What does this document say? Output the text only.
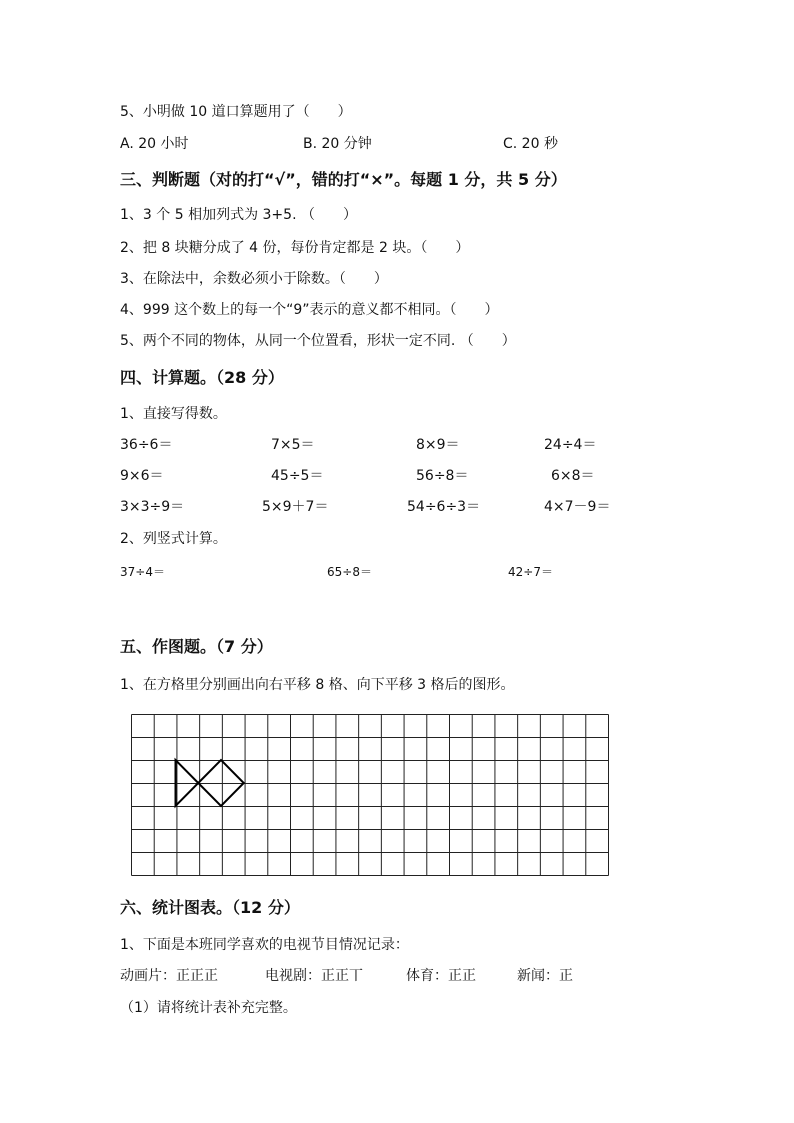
5、小明做 10 道口算题用了（　　）
A. 20 小时	B. 20 分钟	C. 20 秒
三、判断题（对的打“√”，错的打“×”。每题 1 分，共 5 分）
1、3 个 5 相加列式为 3+5. （　　）
2、把 8 块糖分成了 4 份，每份肯定都是 2 块。（　　）
3、在除法中，余数必须小于除数。（　　）
4、999 这个数上的每一个“9”表示的意义都不相同。（　　）
5、两个不同的物体，从同一个位置看，形状一定不同. （　　）
四、计算题。（28 分）
1、直接写得数。
36÷6＝	7×5＝	8×9＝	24÷4＝
9×6＝	45÷5＝	56÷8＝	6×8＝
3×3÷9＝	5×9＋7＝	54÷6÷3＝	4×7－9＝
2、列竖式计算。
37÷4＝	65÷8＝	42÷7＝
五、作图题。（7 分）
1、在方格里分别画出向右平移 8 格、向下平移 3 格后的图形。
六、统计图表。（12 分）
1、下面是本班同学喜欢的电视节目情况记录：
动画片：正正正	电视剧：正正丅	体育：正正	新闻：正
（1）请将统计表补充完整。
